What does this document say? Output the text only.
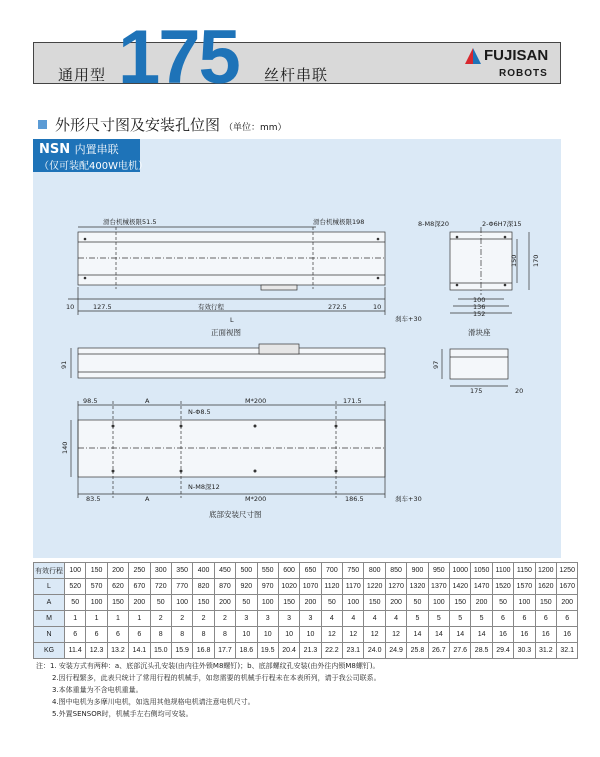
通用型 175 丝杆串联
FUJISAN
ROBOTS
外形尺寸图及安装孔位图 （单位：mm）
NSN 内置串联
（仅可装配400W电机）
滑台机械极限51.5	滑台机械极限198
10	127.5	有效行程	272.5	10
L	刹车+30
正面视图
8-M8深20	2-Φ6H7深15
100
136
152
150 170
滑块座
91	97
175	20
98.5	A	M*200	171.5
N-Φ8.5
140
83.5	A
N-M8深12
M*200	186.5	刹车+30
底部安装尺寸图
有效行程	100	150	200	250	300	350	400	450	500	550	600	650	700	750	800	850	900	950	1000	1050	1100	1150	1200	1250
L	520	570	620	670	720	770	820	870	920	970	1020	1070	1120	1170	1220	1270	1320	1370	1420	1470	1520	1570	1620	1670
A	50	100	150	200	50	100	150	200	50	100	150	200	50	100	150	200	50	100	150	200	50	100	150	200
M	1	1	1	1	2	2	2	2	3	3	3	3	4	4	4	4	5	5	5	5	6	6	6	6
N	6	6	6	6	8	8	8	8	10	10	10	10	12	12	12	12	14	14	14	14	16	16	16	16
KG	11.4	12.3	13.2	14.1	15.0	15.9	16.8	17.7	18.6	19.5	20.4	21.3	22.2	23.1	24.0	24.9	25.8	26.7	27.6	28.5	29.4	30.3	31.2	32.1
注：1. 安装方式有两种：a、底部沉头孔安装(由内往外锁M8螺钉)；b、底部螺纹孔安装(由外往内锁M8螺钉)。
2.因行程繁多，此表只统计了常用行程的机械手，如您需要的机械手行程未在本表所列，请于我公司联系。
3.本体重量为不含电机重量。
4.图中电机为多摩川电机，如选用其他规格电机请注意电机尺寸。
5.外置SENSOR时，机械手左右侧均可安装。
